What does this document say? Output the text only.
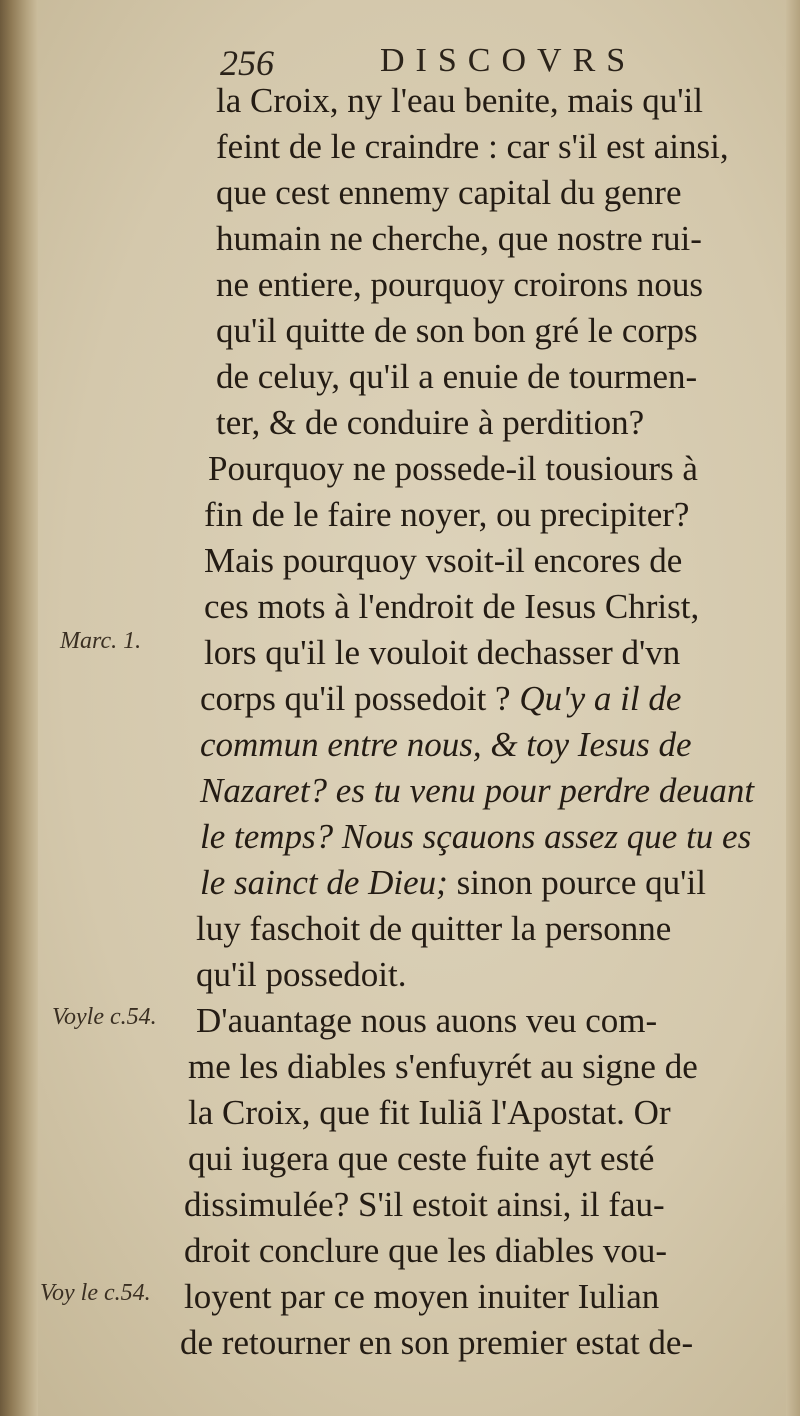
256	DISCOVRS
Marc. 1.
Voyle c.54.
Voy le c.54.
la Croix, ny l'eau benite, mais qu'il
feint de le craindre : car s'il est ainsi,
que cest ennemy capital du genre
humain ne cherche, que nostre rui-
ne entiere, pourquoy croirons nous
qu'il quitte de son bon gré le corps
de celuy, qu'il a enuie de tourmen-
ter, & de conduire à perdition?
Pourquoy ne possede-il tousiours à
fin de le faire noyer, ou precipiter?
Mais pourquoy vsoit-il encores de
ces mots à l'endroit de Iesus Christ,
lors qu'il le vouloit dechasser d'vn
corps qu'il possedoit ? Qu'y a il de
commun entre nous, & toy Iesus de
Nazaret? es tu venu pour perdre deuant
le temps? Nous sçauons assez que tu es
le sainct de Dieu; sinon pource qu'il
luy faschoit de quitter la personne
qu'il possedoit.
D'auantage nous auons veu com-
me les diables s'enfuyrét au signe de
la Croix, que fit Iuliã l'Apostat. Or
qui iugera que ceste fuite ayt esté
dissimulée? S'il estoit ainsi, il fau-
droit conclure que les diables vou-
loyent par ce moyen inuiter Iulian
de retourner en son premier estat de-
